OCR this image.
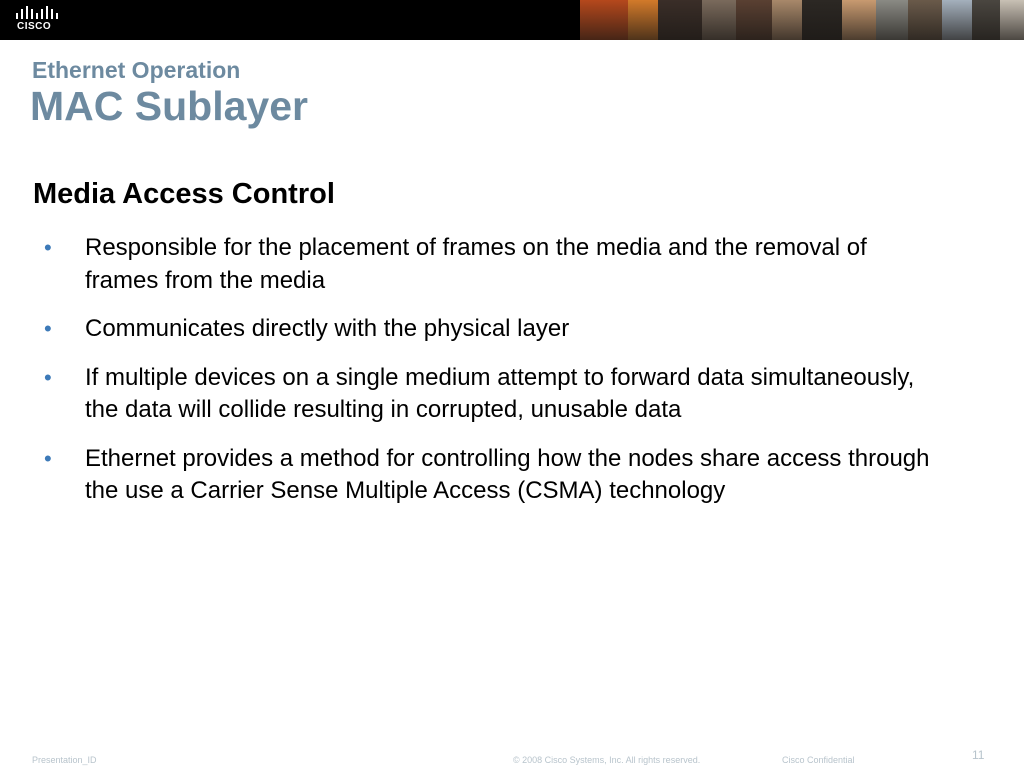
CISCO
Ethernet Operation
MAC Sublayer
Media Access Control
• Responsible for the placement of frames on the media and the removal of frames from the media
• Communicates directly with the physical layer
• If multiple devices on a single medium attempt to forward data simultaneously, the data will collide resulting in corrupted, unusable data
• Ethernet provides a method for controlling how the nodes share access through the use a Carrier Sense Multiple Access (CSMA) technology
Presentation_ID	© 2008 Cisco Systems, Inc. All rights reserved.	Cisco Confidential	11
